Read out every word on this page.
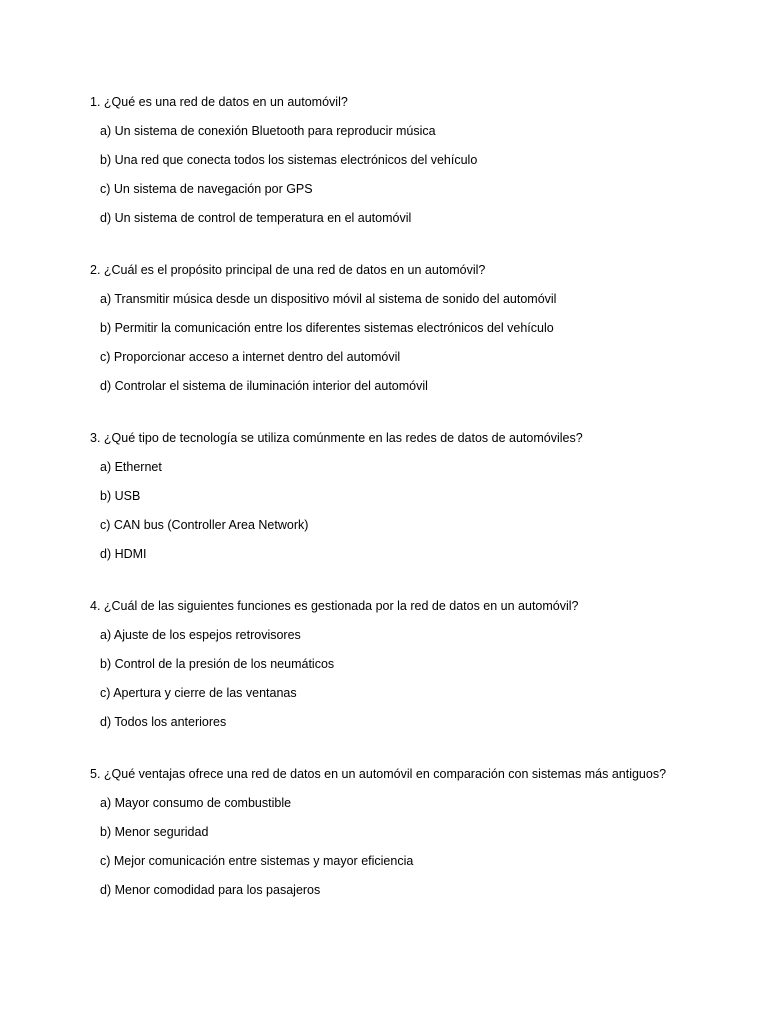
1. ¿Qué es una red de datos en un automóvil?
a) Un sistema de conexión Bluetooth para reproducir música
b) Una red que conecta todos los sistemas electrónicos del vehículo
c) Un sistema de navegación por GPS
d) Un sistema de control de temperatura en el automóvil
2. ¿Cuál es el propósito principal de una red de datos en un automóvil?
a) Transmitir música desde un dispositivo móvil al sistema de sonido del automóvil
b) Permitir la comunicación entre los diferentes sistemas electrónicos del vehículo
c) Proporcionar acceso a internet dentro del automóvil
d) Controlar el sistema de iluminación interior del automóvil
3. ¿Qué tipo de tecnología se utiliza comúnmente en las redes de datos de automóviles?
a) Ethernet
b) USB
c) CAN bus (Controller Area Network)
d) HDMI
4. ¿Cuál de las siguientes funciones es gestionada por la red de datos en un automóvil?
a) Ajuste de los espejos retrovisores
b) Control de la presión de los neumáticos
c) Apertura y cierre de las ventanas
d) Todos los anteriores
5. ¿Qué ventajas ofrece una red de datos en un automóvil en comparación con sistemas más antiguos?
a) Mayor consumo de combustible
b) Menor seguridad
c) Mejor comunicación entre sistemas y mayor eficiencia
d) Menor comodidad para los pasajeros
